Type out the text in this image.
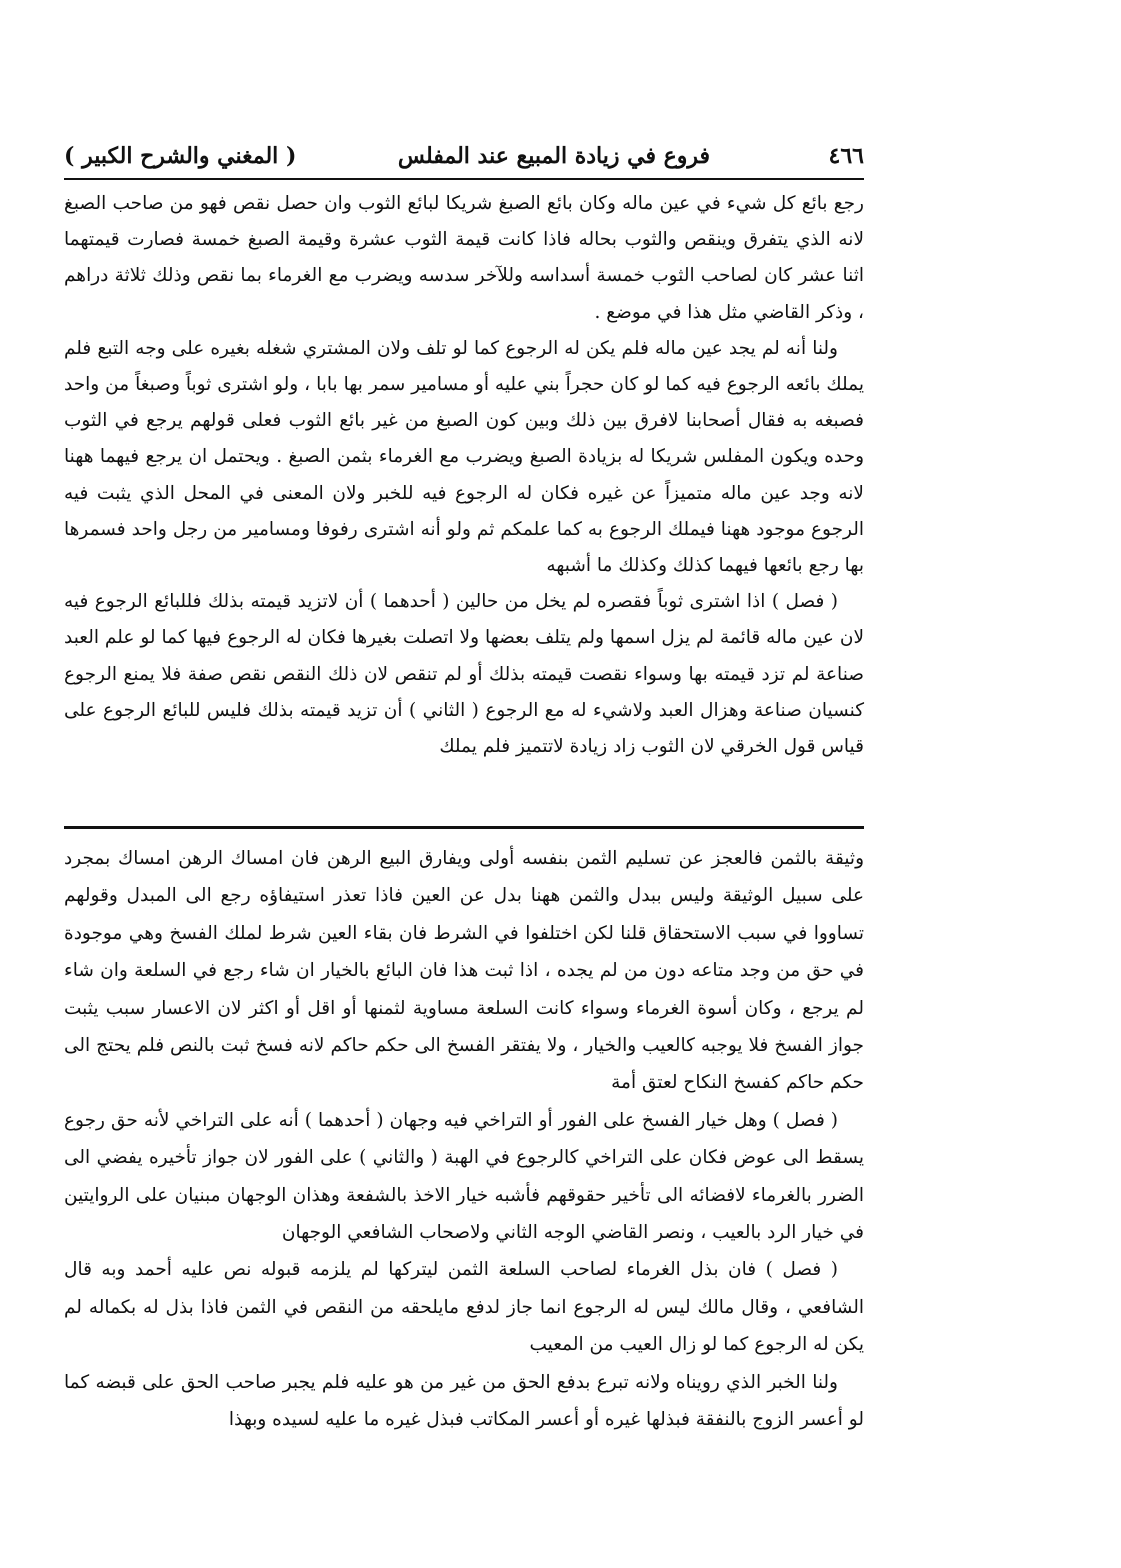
٤٦٦
فروع في زيادة المبيع عند المفلس
( المغني والشرح الكبير )

رجع بائع كل شيء في عين ماله وكان بائع الصبغ شريكا لبائع الثوب وان حصل نقص فهو من صاحب الصبغ لانه الذي يتفرق وينقص والثوب بحاله فاذا كانت قيمة الثوب عشرة وقيمة الصبغ خمسة فصارت قيمتهما اثنا عشر كان لصاحب الثوب خمسة أسداسه وللآخر سدسه ويضرب مع الغرماء بما نقص وذلك ثلاثة دراهم ، وذكر القاضي مثل هذا في موضع .

ولنا أنه لم يجد عين ماله فلم يكن له الرجوع كما لو تلف ولان المشتري شغله بغيره على وجه التبع فلم يملك بائعه الرجوع فيه كما لو كان حجراً بني عليه أو مسامير سمر بها بابا ، ولو اشترى ثوباً وصبغاً من واحد فصبغه به فقال أصحابنا لافرق بين ذلك وبين كون الصبغ من غير بائع الثوب فعلى قولهم يرجع في الثوب وحده ويكون المفلس شريكا له بزيادة الصبغ ويضرب مع الغرماء بثمن الصبغ . ويحتمل ان يرجع فيهما ههنا لانه وجد عين ماله متميزاً عن غيره فكان له الرجوع فيه للخبر ولان المعنى في المحل الذي يثبت فيه الرجوع موجود ههنا فيملك الرجوع به كما علمكم ثم ولو أنه اشترى رفوفا ومسامير من رجل واحد فسمرها بها رجع بائعها فيهما كذلك وكذلك ما أشبهه

( فصل ) اذا اشترى ثوباً فقصره لم يخل من حالين ( أحدهما ) أن لاتزيد قيمته بذلك فللبائع الرجوع فيه لان عين ماله قائمة لم يزل اسمها ولم يتلف بعضها ولا اتصلت بغيرها فكان له الرجوع فيها كما لو علم العبد صناعة لم تزد قيمته بها وسواء نقصت قيمته بذلك أو لم تنقص لان ذلك النقص نقص صفة فلا يمنع الرجوع كنسيان صناعة وهزال العبد ولاشيء له مع الرجوع ( الثاني ) أن تزيد قيمته بذلك فليس للبائع الرجوع على قياس قول الخرقي لان الثوب زاد زيادة لاتتميز فلم يملك

وثيقة بالثمن فالعجز عن تسليم الثمن بنفسه أولى ويفارق البيع الرهن فان امساك الرهن امساك بمجرد على سبيل الوثيقة وليس ببدل والثمن ههنا بدل عن العين فاذا تعذر استيفاؤه رجع الى المبدل وقولهم تساووا في سبب الاستحقاق قلنا لكن اختلفوا في الشرط فان بقاء العين شرط لملك الفسخ وهي موجودة في حق من وجد متاعه دون من لم يجده ، اذا ثبت هذا فان البائع بالخيار ان شاء رجع في السلعة وان شاء لم يرجع ، وكان أسوة الغرماء وسواء كانت السلعة مساوية لثمنها أو اقل أو اكثر لان الاعسار سبب يثبت جواز الفسخ فلا يوجبه كالعيب والخيار ، ولا يفتقر الفسخ الى حكم حاكم لانه فسخ ثبت بالنص فلم يحتج الى حكم حاكم كفسخ النكاح لعتق أمة

( فصل ) وهل خيار الفسخ على الفور أو التراخي فيه وجهان ( أحدهما ) أنه على التراخي لأنه حق رجوع يسقط الى عوض فكان على التراخي كالرجوع في الهبة ( والثاني ) على الفور لان جواز تأخيره يفضي الى الضرر بالغرماء لافضائه الى تأخير حقوقهم فأشبه خيار الاخذ بالشفعة وهذان الوجهان مبنيان على الروايتين في خيار الرد بالعيب ، ونصر القاضي الوجه الثاني ولاصحاب الشافعي الوجهان

( فصل ) فان بذل الغرماء لصاحب السلعة الثمن ليتركها لم يلزمه قبوله نص عليه أحمد وبه قال الشافعي ، وقال مالك ليس له الرجوع انما جاز لدفع مايلحقه من النقص في الثمن فاذا بذل له بكماله لم يكن له الرجوع كما لو زال العيب من المعيب

ولنا الخبر الذي رويناه ولانه تبرع بدفع الحق من غير من هو عليه فلم يجبر صاحب الحق على قبضه كما لو أعسر الزوج بالنفقة فبذلها غيره أو أعسر المكاتب فبذل غيره ما عليه لسيده وبهذا
